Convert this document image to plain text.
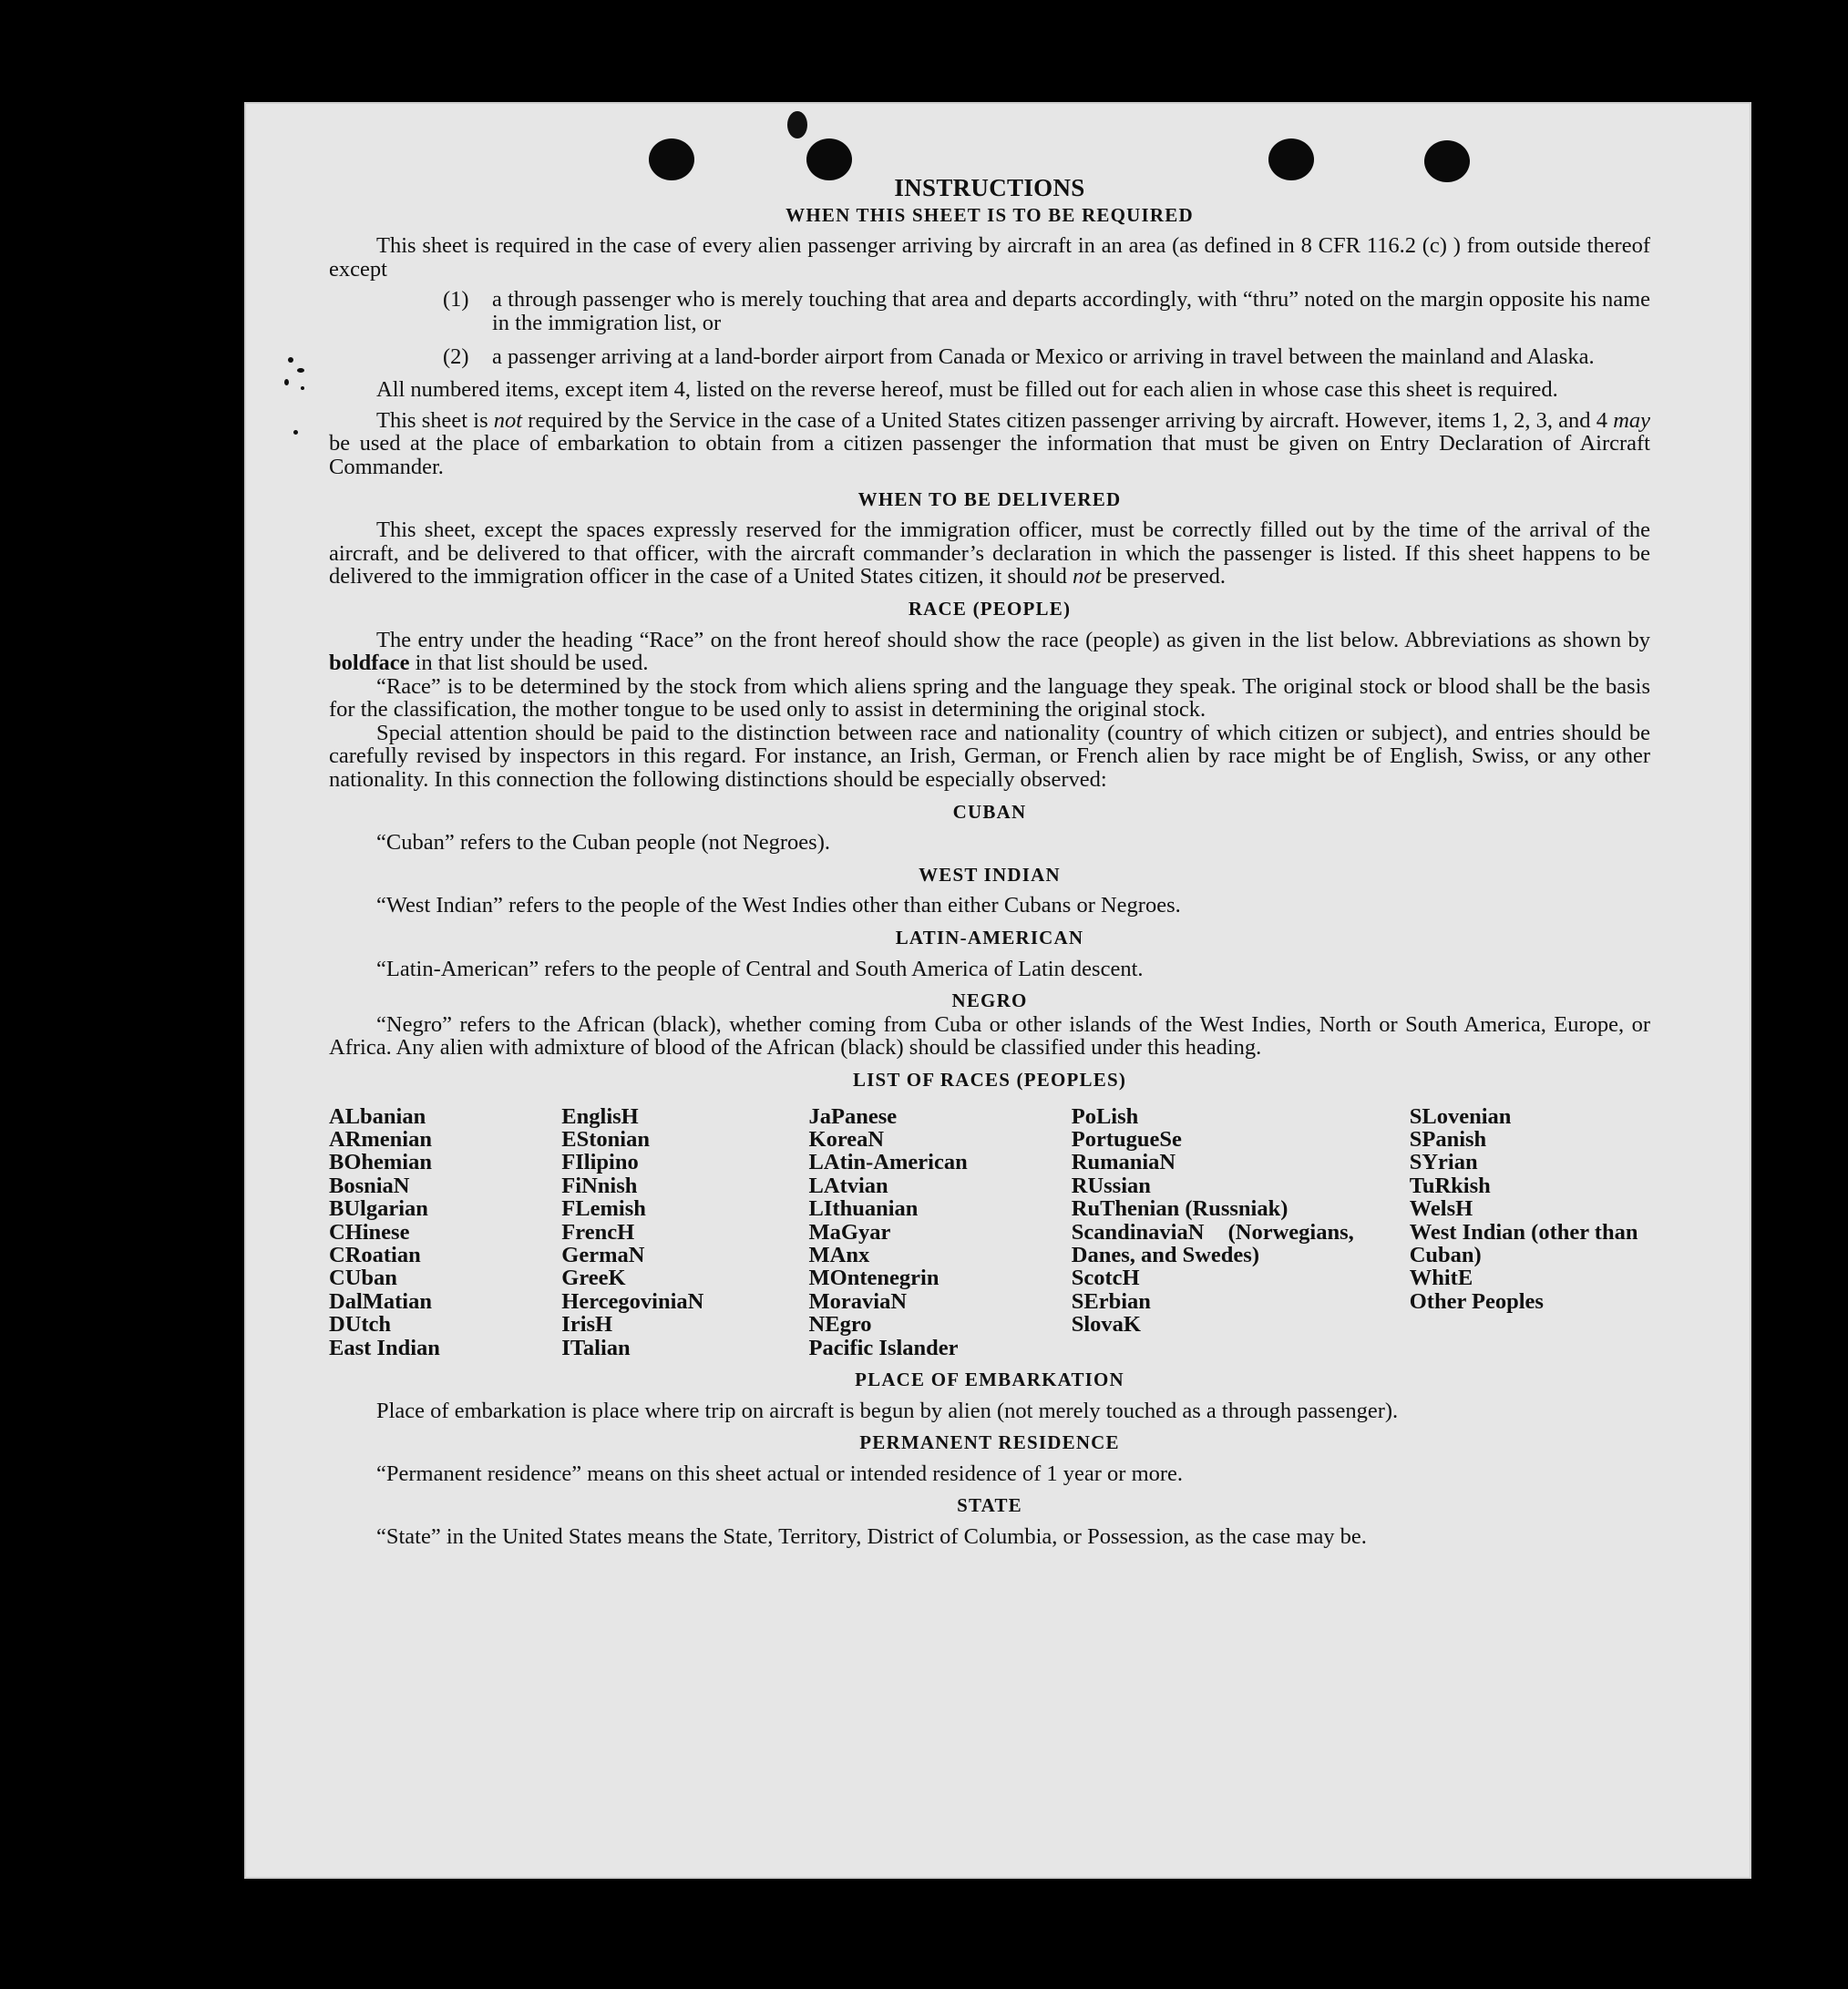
INSTRUCTIONS
WHEN THIS SHEET IS TO BE REQUIRED

This sheet is required in the case of every alien passenger arriving by aircraft in an area (as defined in 8 CFR 116.2 (c) ) from outside thereof except

(1)	a through passenger who is merely touching that area and departs accordingly, with “thru” noted on the margin opposite his name in the immigration list, or
(2)	a passenger arriving at a land-border airport from Canada or Mexico or arriving in travel between the mainland and Alaska.

All numbered items, except item 4, listed on the reverse hereof, must be filled out for each alien in whose case this sheet is required.

This sheet is not required by the Service in the case of a United States citizen passenger arriving by aircraft. However, items 1, 2, 3, and 4 may be used at the place of embarkation to obtain from a citizen passenger the information that must be given on Entry Declaration of Aircraft Commander.

WHEN TO BE DELIVERED

This sheet, except the spaces expressly reserved for the immigration officer, must be correctly filled out by the time of the arrival of the aircraft, and be delivered to that officer, with the aircraft commander’s declaration in which the passenger is listed. If this sheet happens to be delivered to the immigration officer in the case of a United States citizen, it should not be preserved.

RACE (PEOPLE)

The entry under the heading “Race” on the front hereof should show the race (people) as given in the list below. Abbreviations as shown by boldface in that list should be used.

“Race” is to be determined by the stock from which aliens spring and the language they speak. The original stock or blood shall be the basis for the classification, the mother tongue to be used only to assist in determining the original stock.

Special attention should be paid to the distinction between race and nationality (country of which citizen or subject), and entries should be carefully revised by inspectors in this regard. For instance, an Irish, German, or French alien by race might be of English, Swiss, or any other nationality. In this connection the following distinctions should be especially observed:

CUBAN

“Cuban” refers to the Cuban people (not Negroes).

WEST INDIAN

“West Indian” refers to the people of the West Indies other than either Cubans or Negroes.

LATIN-AMERICAN

“Latin-American” refers to the people of Central and South America of Latin descent.

NEGRO

“Negro” refers to the African (black), whether coming from Cuba or other islands of the West Indies, North or South America, Europe, or Africa. Any alien with admixture of blood of the African (black) should be classified under this heading.

LIST OF RACES (PEOPLES)
ALbanian
ARmenian
BOhemian
BosniaN
BUlgarian
CHinese
CRoatian
CUban
DalMatian
DUtch
East Indian
EnglisH
EStonian
FIlipino
FiNnish
FLemish
FrencH
GermaN
GreeK
HercegoviniaN
IrisH
ITalian
JaPanese
KoreaN
LAtin-American
LAtvian
LIthuanian
MaGyar
MAnx
MOntenegrin
MoraviaN
NEgro
Pacific Islander
PoLish
PortugueSe
RumaniaN
RUssian
RuThenian (Russniak)
ScandinaviaN (Norwegians, Danes, and Swedes)
ScotcH
SErbian
SlovaK
SLovenian
SPanish
SYrian
TuRkish
WelsH
West Indian (other than Cuban)
WhitE
Other Peoples
PLACE OF EMBARKATION

Place of embarkation is place where trip on aircraft is begun by alien (not merely touched as a through passenger).

PERMANENT RESIDENCE

“Permanent residence” means on this sheet actual or intended residence of 1 year or more.

STATE

“State” in the United States means the State, Territory, District of Columbia, or Possession, as the case may be.
